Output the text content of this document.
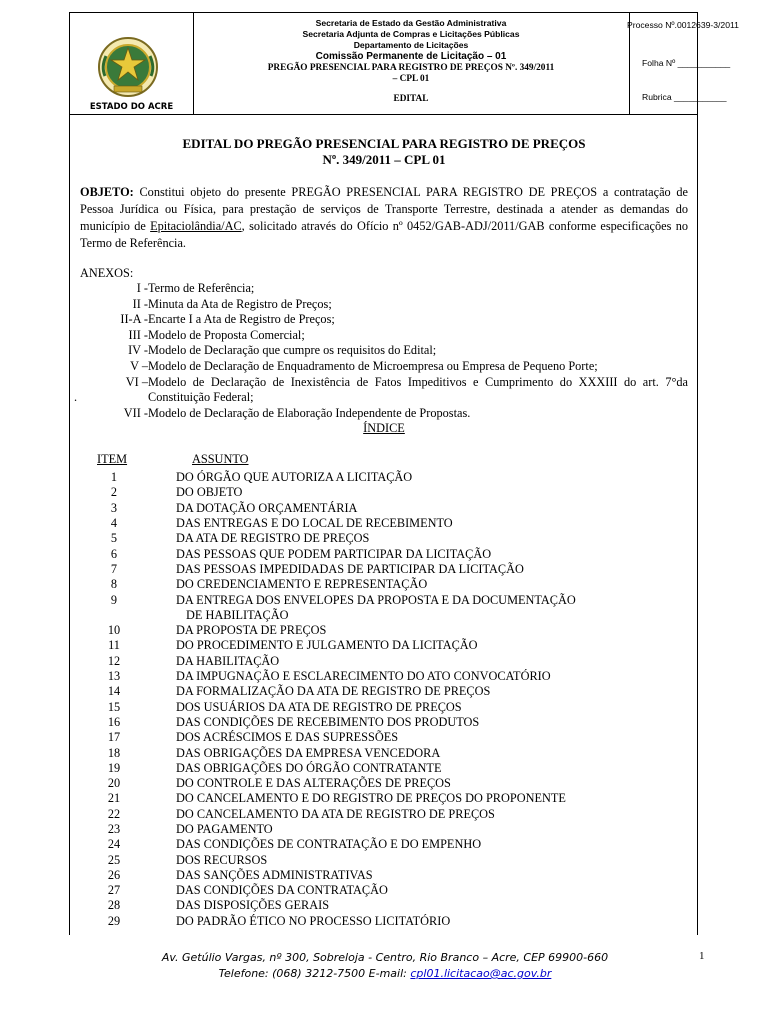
ESTADO DO ACRE
Secretaria de Estado da Gestão Administrativa
Secretaria Adjunta de Compras e Licitações Públicas
Departamento de Licitações
Comissão Permanente de Licitação – 01
PREGÃO PRESENCIAL PARA REGISTRO DE PREÇOS Nº. 349/2011
– CPL 01
EDITAL
Processo Nº.0012639-3/2011
Folha Nº ___________
Rubrica ___________
EDITAL DO PREGÃO PRESENCIAL PARA REGISTRO DE PREÇOS
Nº. 349/2011 – CPL 01
OBJETO: Constitui objeto do presente PREGÃO PRESENCIAL PARA REGISTRO DE PREÇOS a contratação de Pessoa Jurídica ou Física, para prestação de serviços de Transporte Terrestre, destinada a atender as demandas do município de Epitaciolândia/AC, solicitado através do Ofício nº 0452/GAB-ADJ/2011/GAB conforme especificações no Termo de Referência.
ANEXOS:
I - Termo de Referência;
II - Minuta da Ata de Registro de Preços;
II-A - Encarte I a Ata de Registro de Preços;
III - Modelo de Proposta Comercial;
IV - Modelo de Declaração que cumpre os requisitos do Edital;
V – Modelo de Declaração de Enquadramento de Microempresa ou Empresa de Pequeno Porte;
VI – Modelo de Declaração de Inexistência de Fatos Impeditivos e Cumprimento do XXXIII do art. 7°da Constituição Federal;
.
VII - Modelo de Declaração de Elaboração Independente de Propostas.
ÍNDICE
ITEM	ASSUNTO
1	DO ÓRGÃO QUE AUTORIZA A LICITAÇÃO
2	DO OBJETO
3	DA DOTAÇÃO ORÇAMENTÁRIA
4	DAS ENTREGAS E DO LOCAL DE RECEBIMENTO
5	DA ATA DE REGISTRO DE PREÇOS
6	DAS PESSOAS QUE PODEM PARTICIPAR DA LICITAÇÃO
7	DAS PESSOAS IMPEDIDADAS DE PARTICIPAR DA LICITAÇÃO
8	DO CREDENCIAMENTO E REPRESENTAÇÃO
9	DA ENTREGA DOS ENVELOPES DA PROPOSTA E DA DOCUMENTAÇÃO
DE HABILITAÇÃO
10	DA PROPOSTA DE PREÇOS
11	DO PROCEDIMENTO E JULGAMENTO DA LICITAÇÃO
12	DA HABILITAÇÃO
13	DA IMPUGNAÇÃO E ESCLARECIMENTO DO ATO CONVOCATÓRIO
14	DA FORMALIZAÇÃO DA ATA DE REGISTRO DE PREÇOS
15	DOS USUÁRIOS DA ATA DE REGISTRO DE PREÇOS
16	DAS CONDIÇÕES DE RECEBIMENTO DOS PRODUTOS
17	DOS ACRÉSCIMOS E DAS SUPRESSÕES
18	DAS OBRIGAÇÕES DA EMPRESA VENCEDORA
19	DAS OBRIGAÇÕES DO ÓRGÃO CONTRATANTE
20	DO CONTROLE E DAS ALTERAÇÕES DE PREÇOS
21	DO CANCELAMENTO E DO REGISTRO DE PREÇOS DO PROPONENTE
22	DO CANCELAMENTO DA ATA DE REGISTRO DE PREÇOS
23	DO PAGAMENTO
24	DAS CONDIÇÕES DE CONTRATAÇÃO E DO EMPENHO
25	DOS RECURSOS
26	DAS SANÇÕES ADMINISTRATIVAS
27	DAS CONDIÇÕES DA CONTRATAÇÃO
28	DAS DISPOSIÇÕES GERAIS
29	DO PADRÃO ÉTICO NO PROCESSO LICITATÓRIO
Av. Getúlio Vargas, nº 300, Sobreloja - Centro, Rio Branco – Acre, CEP 69900-660
Telefone: (068) 3212-7500 E-mail: cpl01.licitacao@ac.gov.br
1
